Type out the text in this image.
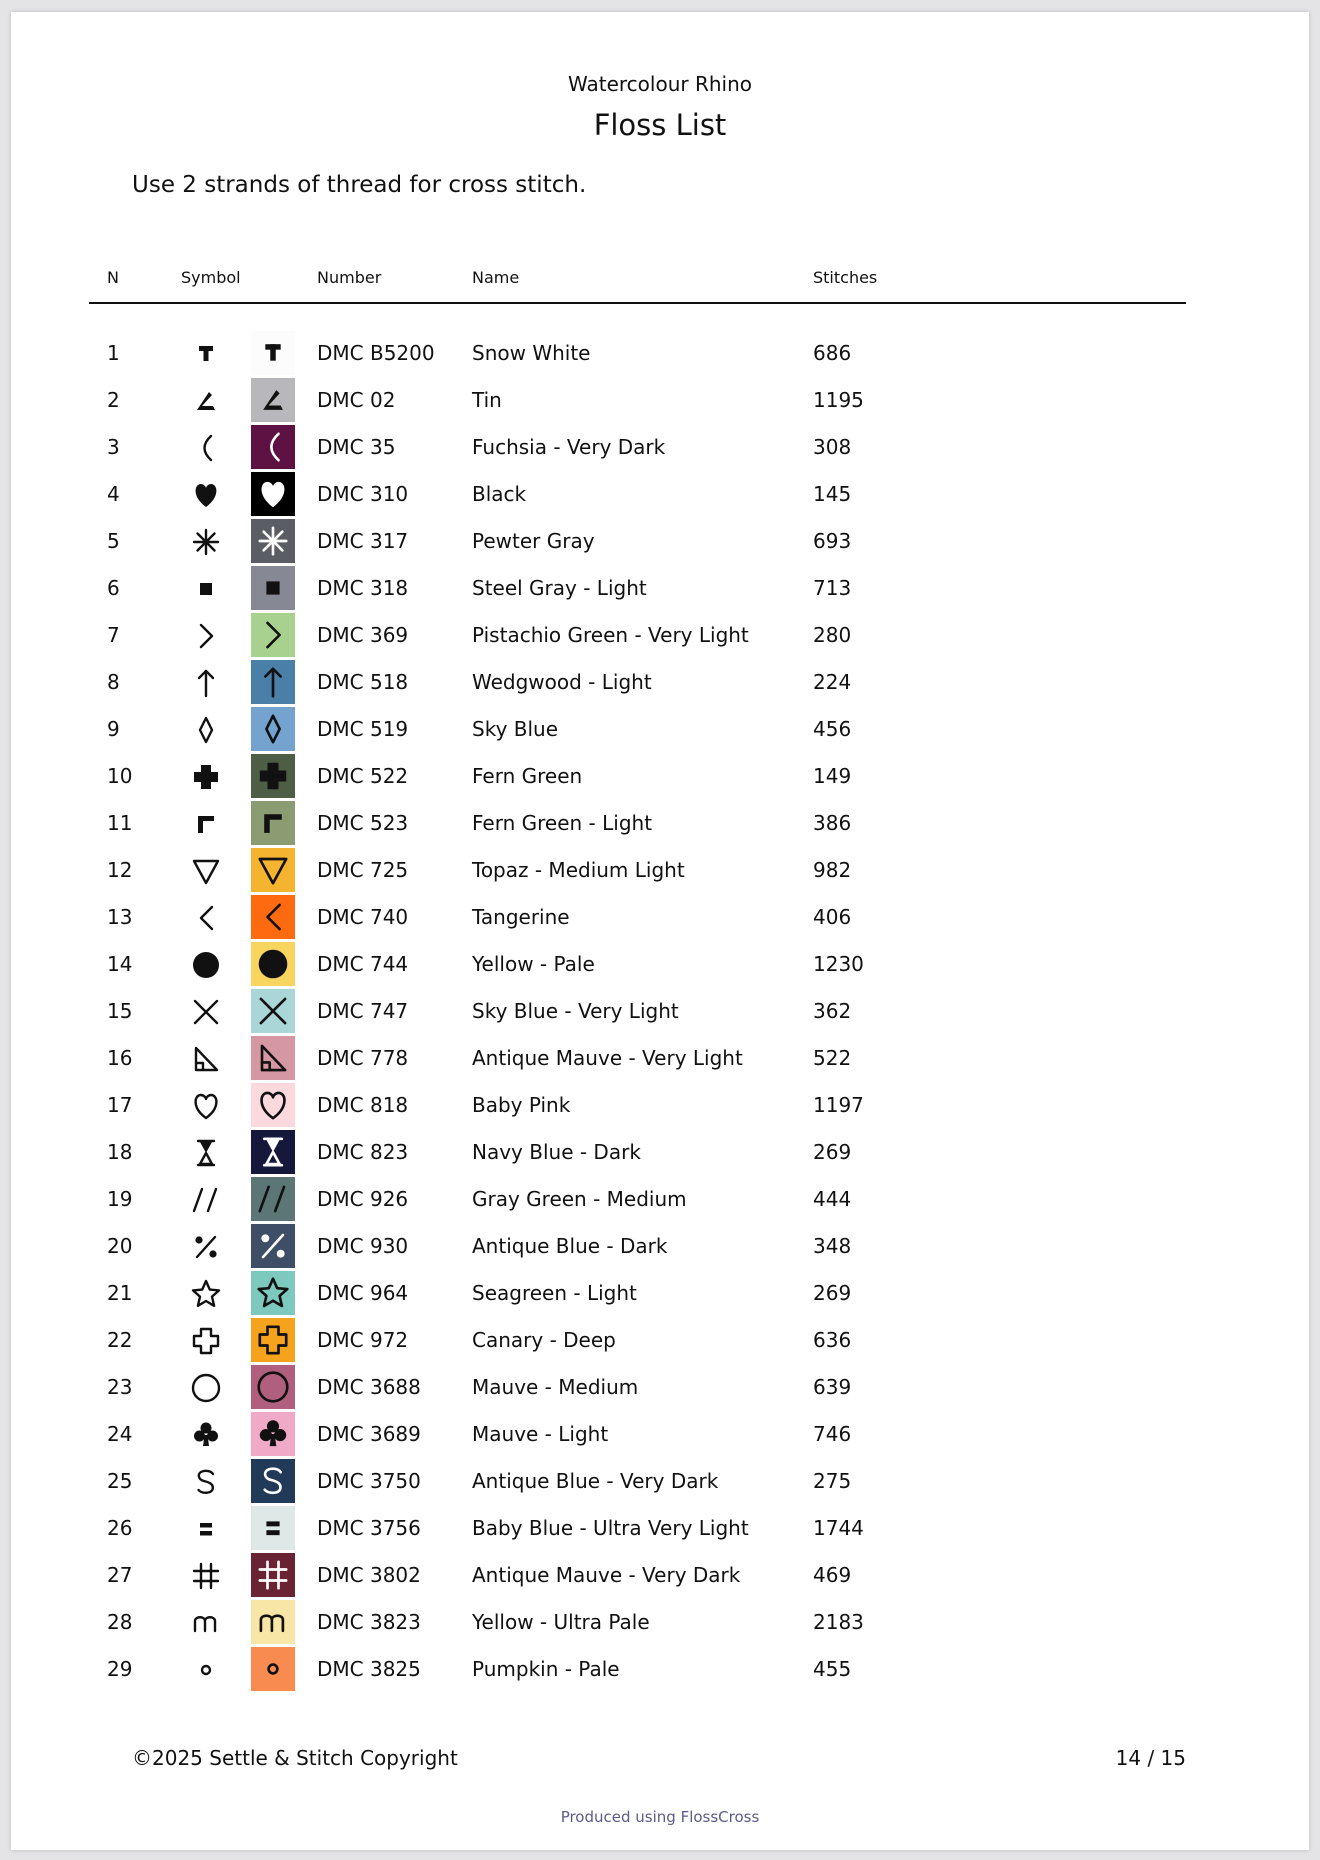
Watercolour Rhino
Floss List
Use 2 strands of thread for cross stitch.
N	Symbol	Number	Name	Stitches
1	DMC B5200 Snow White	686
2	DMC 02	Tin	1195
3	DMC 35	Fuchsia - Very Dark	308
4	DMC 310	Black	145
5	DMC 317	Pewter Gray	693
6	DMC 318	Steel Gray - Light	713
7	DMC 369	Pistachio Green - Very Light	280
8	DMC 518	Wedgwood - Light	224
9	DMC 519	Sky Blue	456
10	DMC 522	Fern Green	149
11	DMC 523	Fern Green - Light	386
12	DMC 725	Topaz - Medium Light	982
13	DMC 740	Tangerine	406
14	DMC 744	Yellow - Pale	1230
15	DMC 747	Sky Blue - Very Light	362
16	DMC 778	Antique Mauve - Very Light	522
17	DMC 818	Baby Pink	1197
18	DMC 823	Navy Blue - Dark	269
19	DMC 926	Gray Green - Medium	444
20	DMC 930	Antique Blue - Dark	348
21	DMC 964	Seagreen - Light	269
22	DMC 972	Canary - Deep	636
23	DMC 3688	Mauve - Medium	639
24	DMC 3689	Mauve - Light	746
25	DMC 3750	Antique Blue - Very Dark	275
26	DMC 3756	Baby Blue - Ultra Very Light	1744
27	DMC 3802	Antique Mauve - Very Dark	469
28	DMC 3823	Yellow - Ultra Pale	2183
29	DMC 3825	Pumpkin - Pale	455
©2025 Settle & Stitch Copyright	14 / 15
Produced using FlossCross
